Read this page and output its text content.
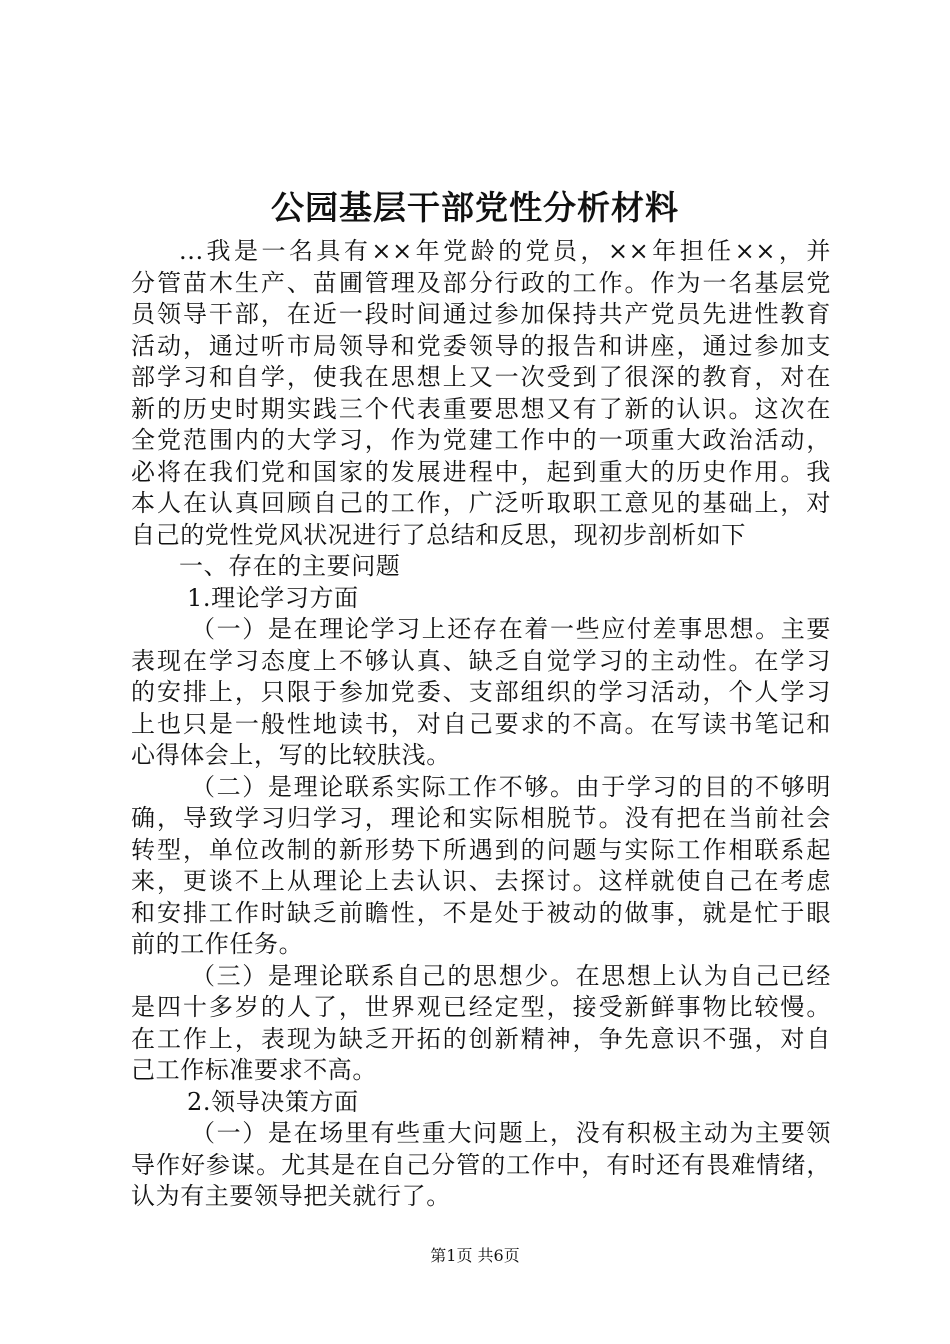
公园基层干部党性分析材料
...我是一名具有××年党龄的党员，××年担任××，并
分管苗木生产、苗圃管理及部分行政的工作。作为一名基层党
员领导干部，在近一段时间通过参加保持共产党员先进性教育
活动，通过听市局领导和党委领导的报告和讲座，通过参加支
部学习和自学，使我在思想上又一次受到了很深的教育，对在
新的历史时期实践三个代表重要思想又有了新的认识。这次在
全党范围内的大学习，作为党建工作中的一项重大政治活动，
必将在我们党和国家的发展进程中，起到重大的历史作用。我
本人在认真回顾自己的工作，广泛听取职工意见的基础上，对
自己的党性党风状况进行了总结和反思，现初步剖析如下
一、存在的主要问题
1.理论学习方面
（一）是在理论学习上还存在着一些应付差事思想。主要
表现在学习态度上不够认真、缺乏自觉学习的主动性。在学习
的安排上，只限于参加党委、支部组织的学习活动，个人学习
上也只是一般性地读书，对自己要求的不高。在写读书笔记和
心得体会上，写的比较肤浅。
（二）是理论联系实际工作不够。由于学习的目的不够明
确，导致学习归学习，理论和实际相脱节。没有把在当前社会
转型，单位改制的新形势下所遇到的问题与实际工作相联系起
来，更谈不上从理论上去认识、去探讨。这样就使自己在考虑
和安排工作时缺乏前瞻性，不是处于被动的做事，就是忙于眼
前的工作任务。
（三）是理论联系自己的思想少。在思想上认为自己已经
是四十多岁的人了，世界观已经定型，接受新鲜事物比较慢。
在工作上，表现为缺乏开拓的创新精神，争先意识不强，对自
己工作标准要求不高。
2.领导决策方面
（一）是在场里有些重大问题上，没有积极主动为主要领
导作好参谋。尤其是在自己分管的工作中，有时还有畏难情绪，
认为有主要领导把关就行了。
第1页 共6页
